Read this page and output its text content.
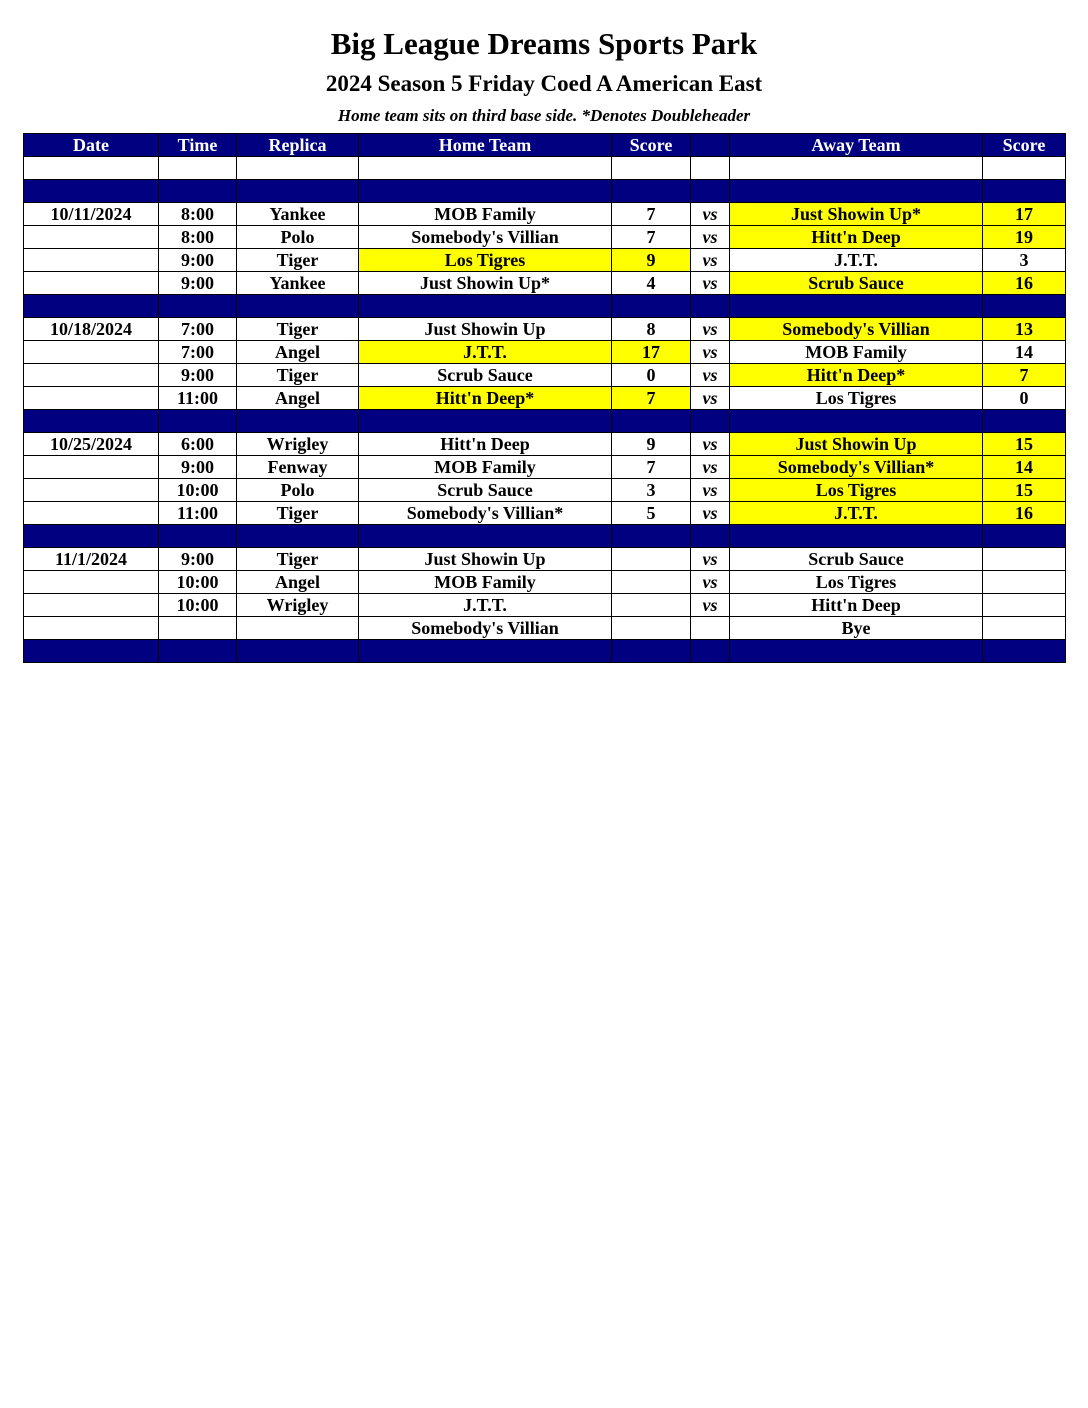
Big League Dreams Sports Park
2024 Season 5 Friday Coed A American East
Home team sits on third base side. *Denotes Doubleheader
Date	Time	Replica	Home Team	Score		Away Team	Score

10/11/2024	8:00	Yankee	MOB Family	7	vs	Just Showin Up*	17
	8:00	Polo	Somebody's Villian	7	vs	Hitt'n Deep	19
	9:00	Tiger	Los Tigres	9	vs	J.T.T.	3
	9:00	Yankee	Just Showin Up*	4	vs	Scrub Sauce	16

10/18/2024	7:00	Tiger	Just Showin Up	8	vs	Somebody's Villian	13
	7:00	Angel	J.T.T.	17	vs	MOB Family	14
	9:00	Tiger	Scrub Sauce	0	vs	Hitt'n Deep*	7
	11:00	Angel	Hitt'n Deep*	7	vs	Los Tigres	0

10/25/2024	6:00	Wrigley	Hitt'n Deep	9	vs	Just Showin Up	15
	9:00	Fenway	MOB Family	7	vs	Somebody's Villian*	14
	10:00	Polo	Scrub Sauce	3	vs	Los Tigres	15
	11:00	Tiger	Somebody's Villian*	5	vs	J.T.T.	16

11/1/2024	9:00	Tiger	Just Showin Up		vs	Scrub Sauce	
	10:00	Angel	MOB Family		vs	Los Tigres	
	10:00	Wrigley	J.T.T.		vs	Hitt'n Deep	
			Somebody's Villian			Bye	
